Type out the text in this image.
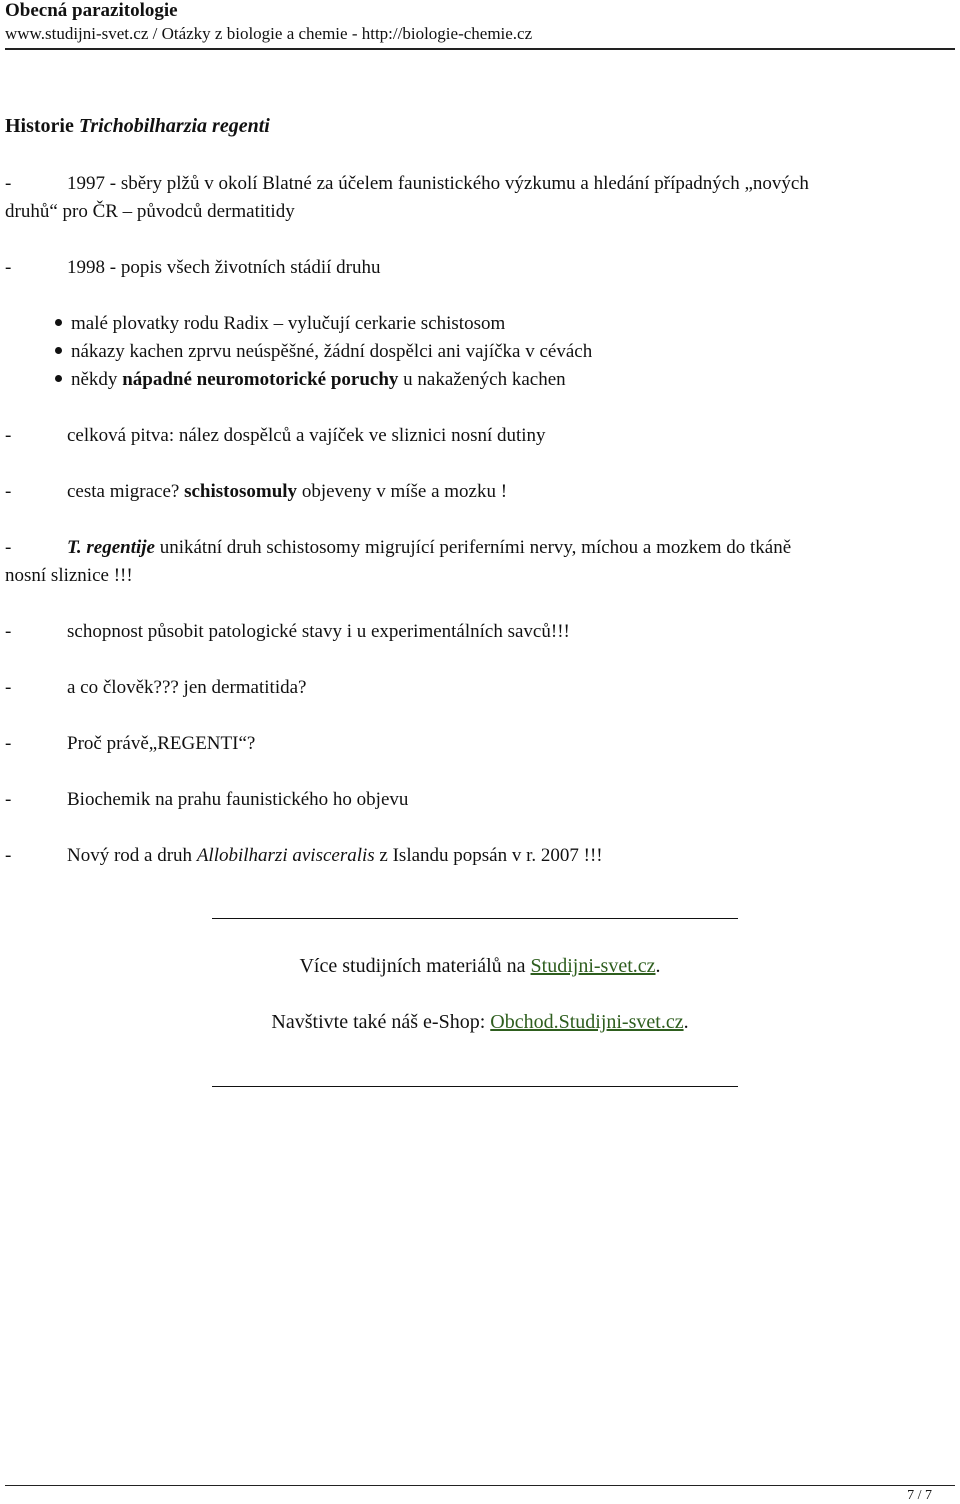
Obecná parazitologie
www.studijni-svet.cz / Otázky z biologie a chemie - http://biologie-chemie.cz
Historie Trichobilharzia regenti
-	1997 - sběry plžů v okolí Blatné za účelem faunistického výzkumu a hledání případných „nových
druhů“ pro ČR – původců dermatitidy
-	1998 - popis všech životních stádií druhu
malé plovatky rodu Radix – vylučují cerkarie schistosom
nákazy kachen zprvu neúspěšné, žádní dospělci ani vajíčka v cévách
někdy nápadné neuromotorické poruchy u nakažených kachen
-	celková pitva: nález dospělců a vajíček ve sliznici nosní dutiny
-	cesta migrace? schistosomuly objeveny v míše a mozku !
-	T. regentije unikátní druh schistosomy migrující periferními nervy, míchou a mozkem do tkáně
nosní sliznice !!!
-	schopnost působit patologické stavy i u experimentálních savců!!!
-	a co člověk??? jen dermatitida?
-	Proč právě„REGENTI“?
-	Biochemik na prahu faunistického ho objevu
-	Nový rod a druh Allobilharzi avisceralis z Islandu popsán v r. 2007 !!!
Více studijních materiálů na Studijni-svet.cz.
Navštivte také náš e-Shop: Obchod.Studijni-svet.cz.
7 / 7
